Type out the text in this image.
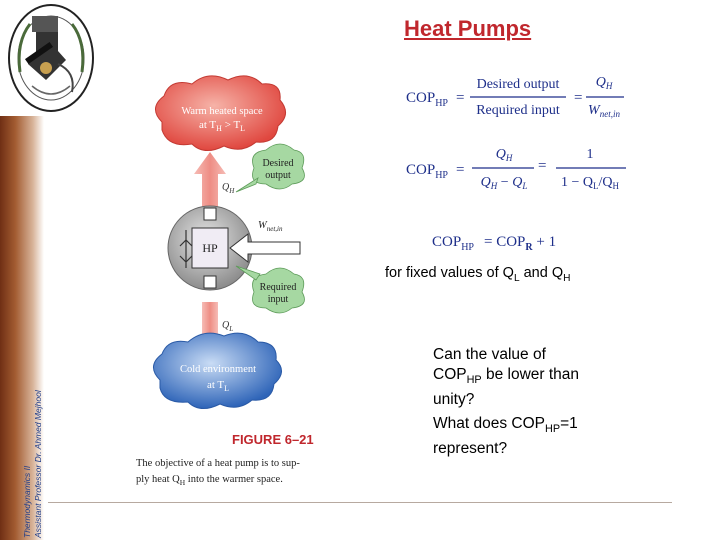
Thermodynamics II Assistant Professor Dr. Ahmed Mejhool
Heat Pumps
Warm heated space
at $T_H > T_L$
$Q_H$
Desired
output
HP
$W_{net,in}$
Required
input
$Q_L$
Cold environment
at $T_L$
FIGURE 6–21
The objective of a heat pump is to sup-
ply heat $Q_H$ into the warmer space.
$COP_{HP}$ =
Desired output
Required input
=
$Q_H$
$W_{net,in}$
$COP_{HP}$ =
$Q_H$
$Q_H - Q_L$
=
1
$1 - Q_L/Q_H$
$COP_{HP} = COP_R + 1$
for fixed values of $Q_L$ and $Q_H$
Can the value of $COP_{HP}$ be lower than unity?
What does $COP_{HP}=1$ represent?
